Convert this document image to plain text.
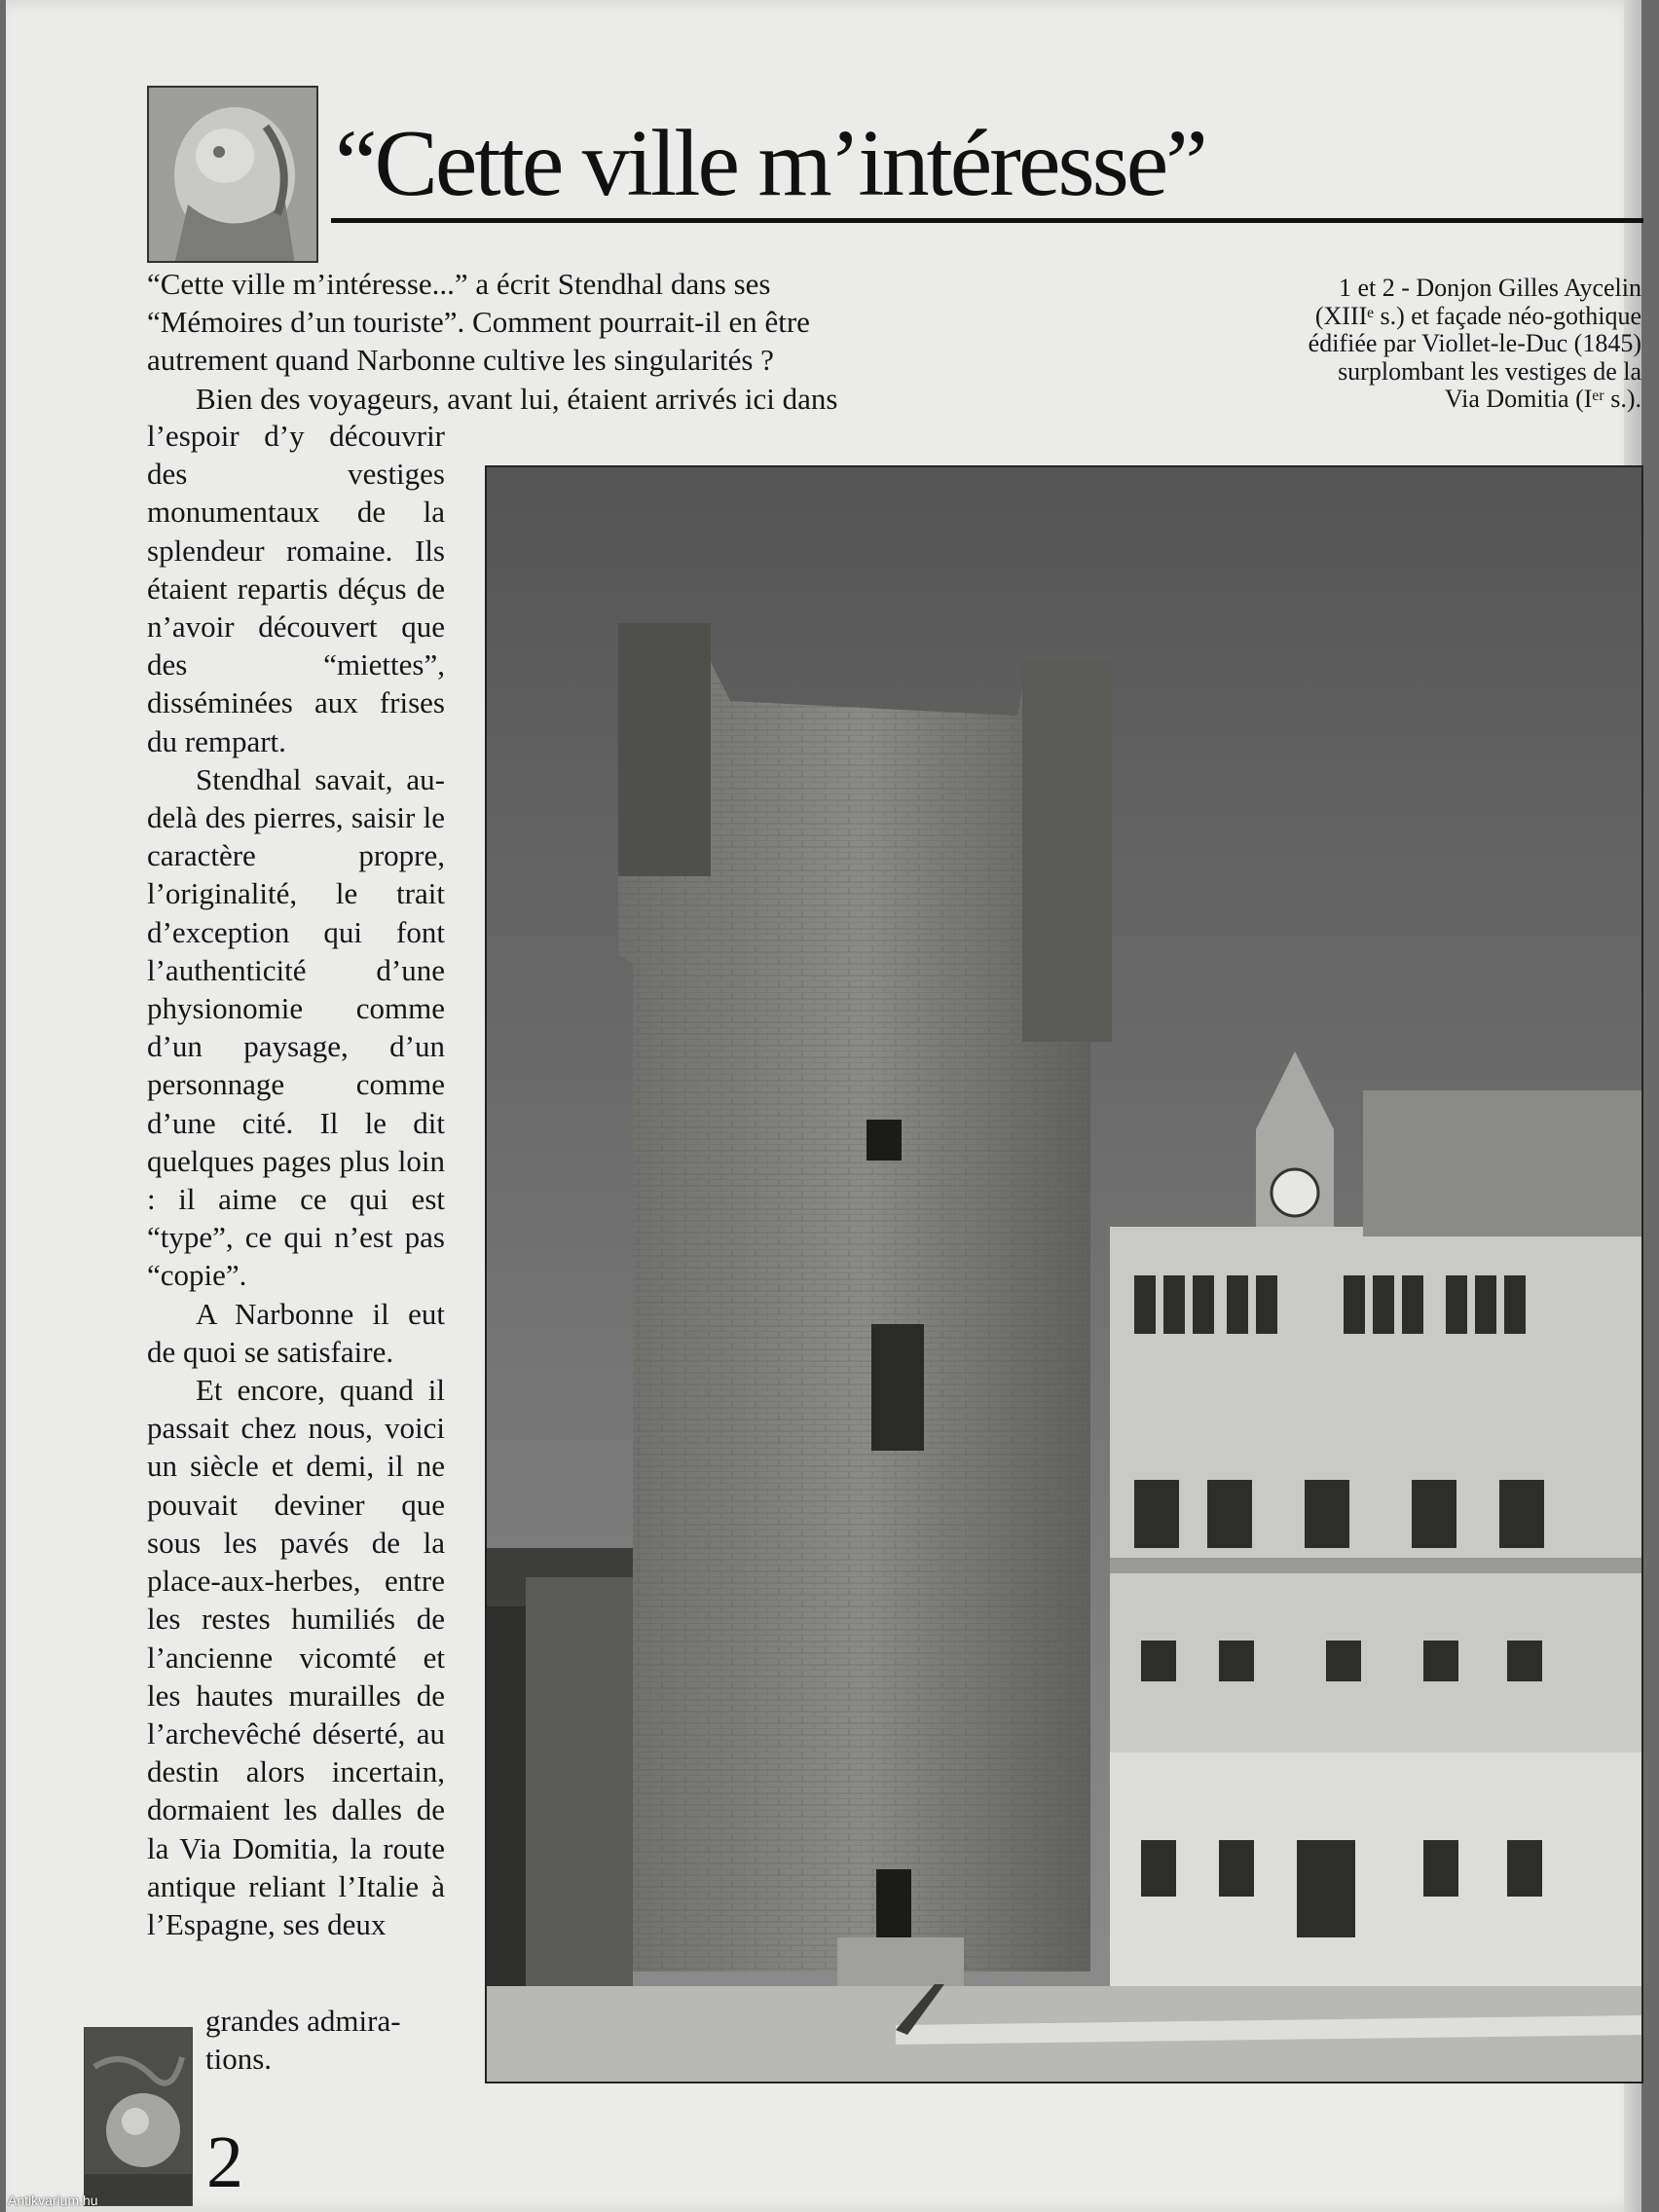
“Cette ville m’intéresse”

“Cette ville m’intéresse...” a écrit Stendhal dans ses

“Mémoires d’un touriste”. Comment pourrait-il en être

autrement quand Narbonne cultive les singularités ?

Bien des voyageurs, avant lui, étaient arrivés ici dans

l’espoir d’y découvrir des vestiges monumentaux de la splendeur romaine. Ils étaient repartis déçus de n’avoir découvert que des “miettes”, disséminées aux frises du rempart.

Stendhal savait, au-delà des pierres, saisir le caractère propre, l’originalité, le trait d’exception qui font l’authenticité d’une physionomie comme d’un paysage, d’un personnage comme d’une cité. Il le dit quelques pages plus loin : il aime ce qui est “type”, ce qui n’est pas “copie”.

A Narbonne il eut de quoi se satisfaire.

Et encore, quand il passait chez nous, voici un siècle et demi, il ne pouvait deviner que sous les pavés de la place-aux-herbes, entre les restes humiliés de l’ancienne vicomté et les hautes murailles de l’archevêché déserté, au destin alors incertain, dormaient les dalles de la Via Domitia, la route antique reliant l’Italie à l’Espagne, ses deux

grandes admira-
tions.
1 et 2 - Donjon Gilles Aycelin
(XIIIᵉ s.) et façade néo-gothique
édifiée par Viollet-le-Duc (1845)
surplombant les vestiges de la
Via Domitia (Iᵉʳ s.).
2
Antikvarium.hu
